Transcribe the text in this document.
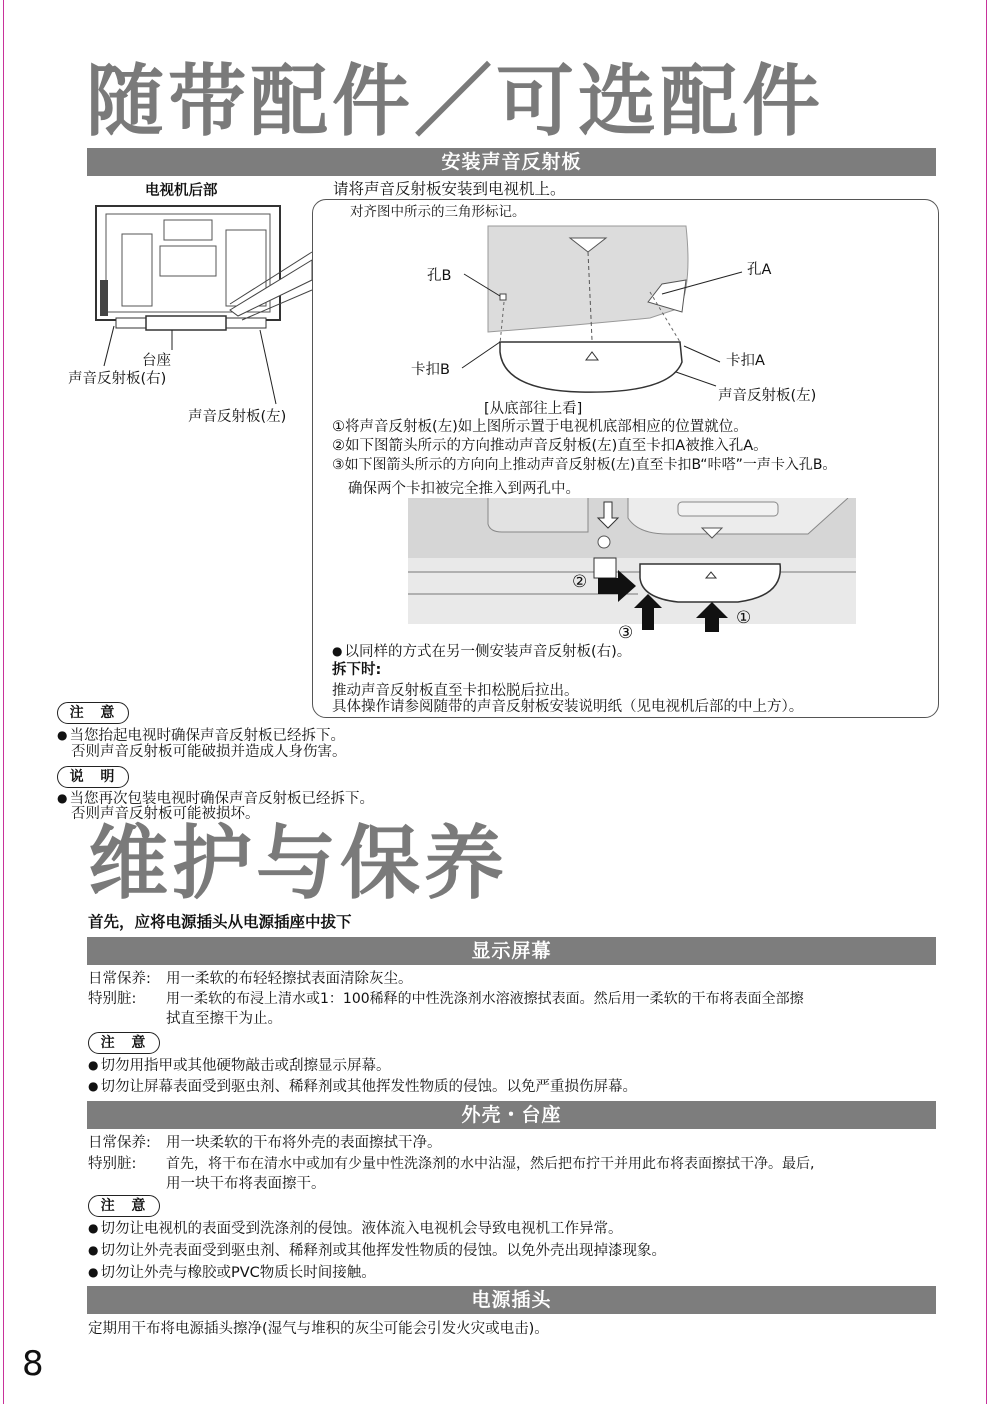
随带配件／可选配件
安装声音反射板
电视机后部
台座
声音反射板(右)
声音反射板(左)
请将声音反射板安装到电视机上。
对齐图中所示的三角形标记。
孔B	孔A
卡扣B
卡扣A
声音反射板(左)
[从底部往上看]
①将声音反射板(左)如上图所示置于电视机底部相应的位置就位。
②如下图箭头所示的方向推动声音反射板(左)直至卡扣A被推入孔A。
③如下图箭头所示的方向向上推动声音反射板(左)直至卡扣B“咔嗒”一声卡入孔B。
确保两个卡扣被完全推入到两孔中。
②
③
①
● 以同样的方式在另一侧安装声音反射板(右)。
拆下时:
推动声音反射板直至卡扣松脱后拉出。
具体操作请参阅随带的声音反射板安装说明纸（见电视机后部的中上方）。
注 意
● 当您抬起电视时确保声音反射板已经拆下。
否则声音反射板可能破损并造成人身伤害。
说 明
● 当您再次包装电视时确保声音反射板已经拆下。
否则声音反射板可能被损坏。
维护与保养
首先，应将电源插头从电源插座中拔下
显示屏幕
日常保养: 用一柔软的布轻轻擦拭表面清除灰尘。
特别脏: 用一柔软的布浸上清水或1：100稀释的中性洗涤剂水溶液擦拭表面。然后用一柔软的干布将表面全部擦
拭直至擦干为止。
注 意
● 切勿用指甲或其他硬物敲击或刮擦显示屏幕。
● 切勿让屏幕表面受到驱虫剂、稀释剂或其他挥发性物质的侵蚀。以免严重损伤屏幕。
外壳・台座
日常保养: 用一块柔软的干布将外壳的表面擦拭干净。
特别脏: 首先，将干布在清水中或加有少量中性洗涤剂的水中沾湿，然后把布拧干并用此布将表面擦拭干净。最后,
用一块干布将表面擦干。
注 意
● 切勿让电视机的表面受到洗涤剂的侵蚀。液体流入电视机会导致电视机工作异常。
● 切勿让外壳表面受到驱虫剂、稀释剂或其他挥发性物质的侵蚀。以免外壳出现掉漆现象。
● 切勿让外壳与橡胶或PVC物质长时间接触。
电源插头
定期用干布将电源插头擦净(湿气与堆积的灰尘可能会引发火灾或电击)。
8
